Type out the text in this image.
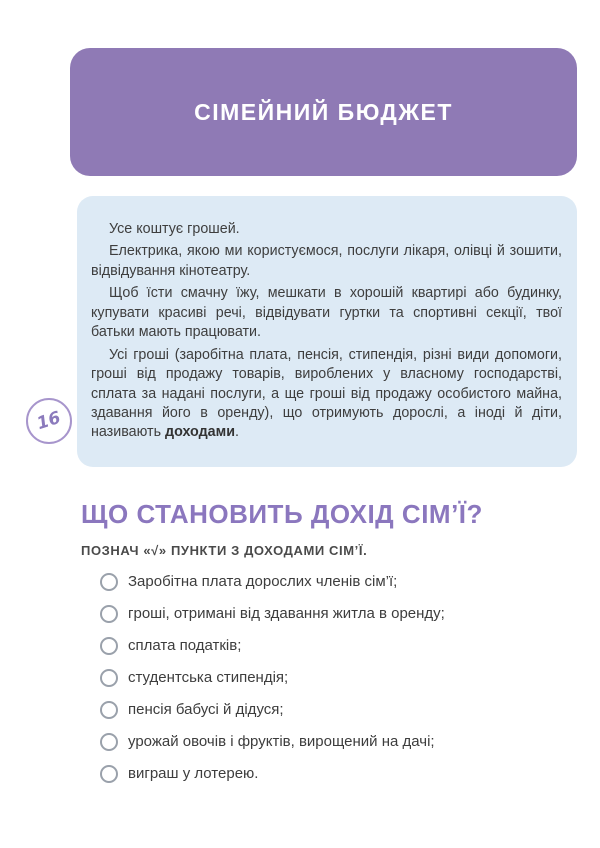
СІМЕЙНИЙ БЮДЖЕТ

Усе коштує грошей.

Електрика, якою ми користуємося, послуги лікаря, олівці й зошити, відвідування кінотеатру.

Щоб їсти смачну їжу, мешкати в хорошій квартирі або будинку, купувати красиві речі, відвідувати гуртки та спортивні секції, твої батьки мають працювати.

Усі гроші (заробітна плата, пенсія, стипендія, різні види допомоги, гроші від продажу товарів, вироблених у власному господарстві, сплата за надані послуги, а ще гроші від продажу особистого майна, здавання його в оренду), що отримують дорослі, а іноді й діти, називають доходами.

16
ЩО СТАНОВИТЬ ДОХІД СІМ’Ї?
ПОЗНАЧ «√» ПУНКТИ З ДОХОДАМИ СІМ’Ї.
Заробітна плата дорослих членів сім’ї;
гроші, отримані від здавання житла в оренду;
сплата податків;
студентська стипендія;
пенсія бабусі й дідуся;
урожай овочів і фруктів, вирощений на дачі;
виграш у лотерею.
